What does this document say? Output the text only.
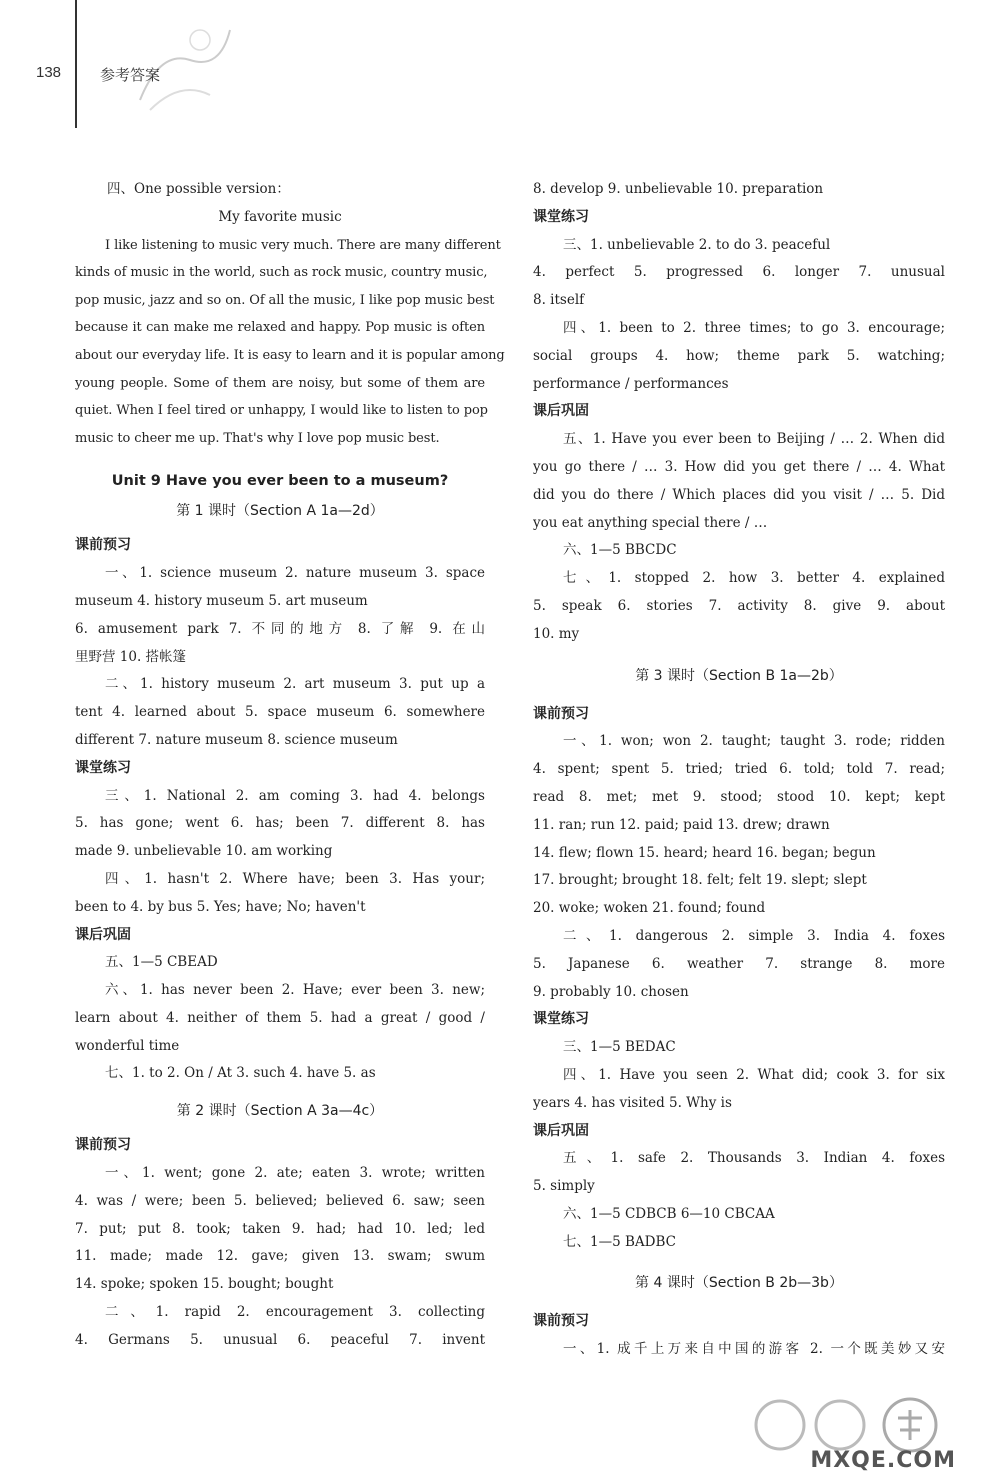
138	参考答案
四、One possible version：
My favorite music
I like listening to music very much. There are many different
kinds of music in the world, such as rock music, country music,
pop music, jazz and so on. Of all the music, I like pop music best
because it can make me relaxed and happy. Pop music is often
about our everyday life. It is easy to learn and it is popular among
young people. Some of them are noisy, but some of them are
quiet. When I feel tired or unhappy, I would like to listen to pop
music to cheer me up. That's why I love pop music best.
Unit 9 Have you ever been to a museum?
第 1 课时（Section A 1a—2d）
课前预习
一、1. science museum 2. nature museum 3. space
museum 4. history museum 5. art museum
6. amusement park 7. 不同的地方 8. 了解 9. 在山
里野营 10. 搭帐篷
二、1. history museum 2. art museum 3. put up a
tent 4. learned about 5. space museum 6. somewhere
different 7. nature museum 8. science museum
课堂练习
三、1. National 2. am coming 3. had 4. belongs
5. has gone; went 6. has; been 7. different 8. has
made 9. unbelievable 10. am working
四、1. hasn't 2. Where have; been 3. Has your;
been to 4. by bus 5. Yes; have; No; haven't
课后巩固
五、1—5 CBEAD
六、1. has never been 2. Have; ever been 3. new;
learn about 4. neither of them 5. had a great / good /
wonderful time
七、1. to 2. On / At 3. such 4. have 5. as
第 2 课时（Section A 3a—4c）
课前预习
一、1. went; gone 2. ate; eaten 3. wrote; written
4. was / were; been 5. believed; believed 6. saw; seen
7. put; put 8. took; taken 9. had; had 10. led; led
11. made; made 12. gave; given 13. swam; swum
14. spoke; spoken 15. bought; bought
二、1. rapid 2. encouragement 3. collecting
4. Germans 5. unusual 6. peaceful 7. invent
8. develop 9. unbelievable 10. preparation
课堂练习
三、1. unbelievable 2. to do 3. peaceful
4. perfect 5. progressed 6. longer 7. unusual
8. itself
四、1. been to 2. three times; to go 3. encourage;
social groups 4. how; theme park 5. watching;
performance / performances
课后巩固
五、1. Have you ever been to Beijing / … 2. When did
you go there / … 3. How did you get there / … 4. What
did you do there / Which places did you visit / … 5. Did
you eat anything special there / …
六、1—5 BBCDC
七、1. stopped 2. how 3. better 4. explained
5. speak 6. stories 7. activity 8. give 9. about
10. my
第 3 课时（Section B 1a—2b）
课前预习
一、1. won; won 2. taught; taught 3. rode; ridden
4. spent; spent 5. tried; tried 6. told; told 7. read;
read 8. met; met 9. stood; stood 10. kept; kept
11. ran; run 12. paid; paid 13. drew; drawn
14. flew; flown 15. heard; heard 16. began; begun
17. brought; brought 18. felt; felt 19. slept; slept
20. woke; woken 21. found; found
二、1. dangerous 2. simple 3. India 4. foxes
5. Japanese 6. weather 7. strange 8. more
9. probably 10. chosen
课堂练习
三、1—5 BEDAC
四、1. Have you seen 2. What did; cook 3. for six
years 4. has visited 5. Why is
课后巩固
五、1. safe 2. Thousands 3. Indian 4. foxes
5. simply
六、1—5 CDBCB 6—10 CBCAA
七、1—5 BADBC
第 4 课时（Section B 2b—3b）
课前预习
一、1. 成千上万来自中国的游客 2. 一个既美妙又安
MXQE.COM
